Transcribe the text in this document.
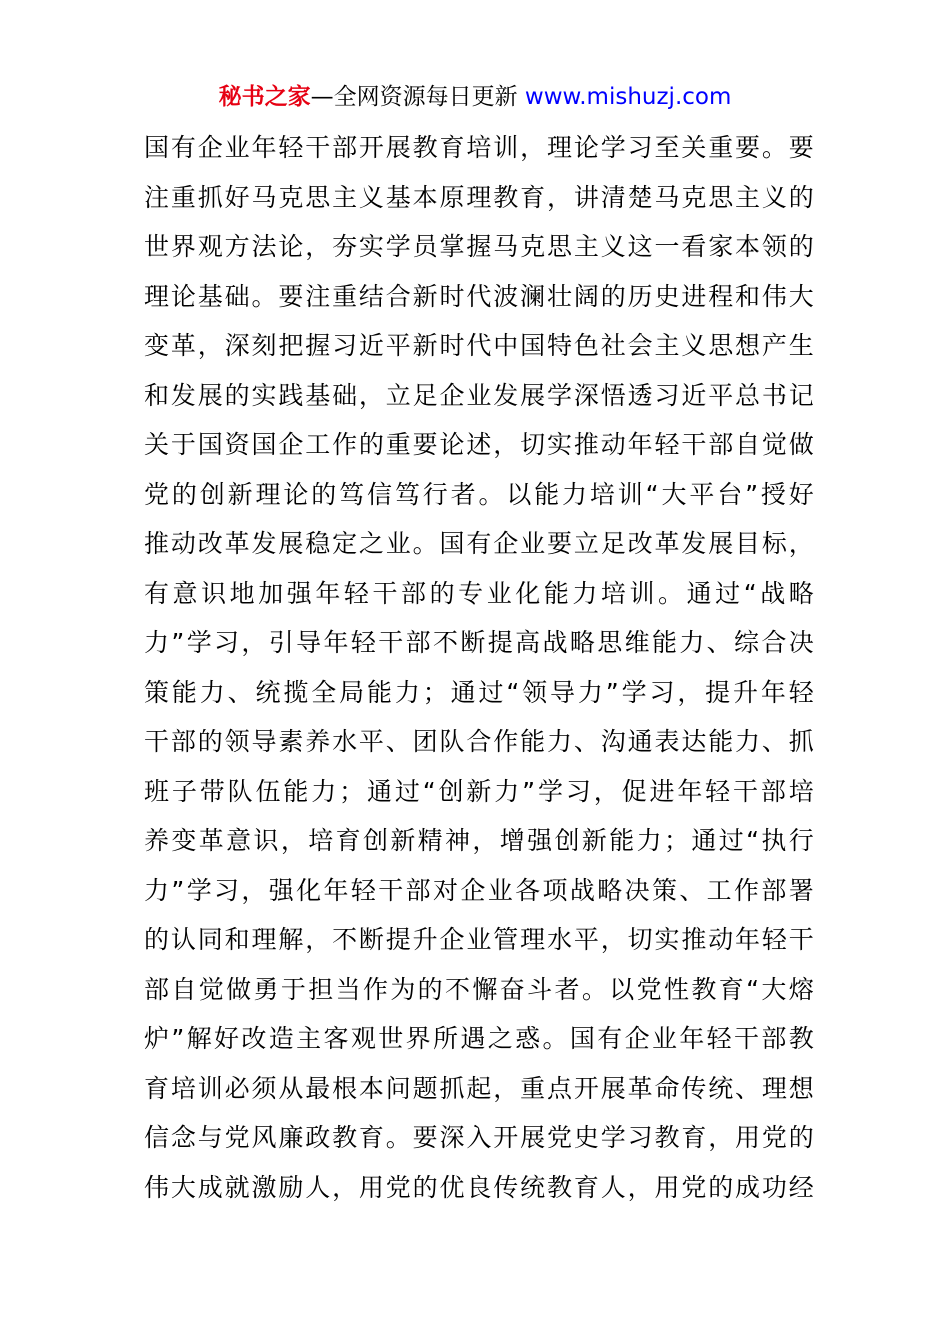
秘书之家—全网资源每日更新 www.mishuzj.com
国有企业年轻干部开展教育培训，理论学习至关重要。要
注重抓好马克思主义基本原理教育，讲清楚马克思主义的
世界观方法论，夯实学员掌握马克思主义这一看家本领的
理论基础。要注重结合新时代波澜壮阔的历史进程和伟大
变革，深刻把握习近平新时代中国特色社会主义思想产生
和发展的实践基础，立足企业发展学深悟透习近平总书记
关于国资国企工作的重要论述，切实推动年轻干部自觉做
党的创新理论的笃信笃行者。以能力培训“大平台”授好
推动改革发展稳定之业。国有企业要立足改革发展目标，
有意识地加强年轻干部的专业化能力培训。通过“战略
力”学习，引导年轻干部不断提高战略思维能力、综合决
策能力、统揽全局能力；通过“领导力”学习，提升年轻
干部的领导素养水平、团队合作能力、沟通表达能力、抓
班子带队伍能力；通过“创新力”学习，促进年轻干部培
养变革意识，培育创新精神，增强创新能力；通过“执行
力”学习，强化年轻干部对企业各项战略决策、工作部署
的认同和理解，不断提升企业管理水平，切实推动年轻干
部自觉做勇于担当作为的不懈奋斗者。以党性教育“大熔
炉”解好改造主客观世界所遇之惑。国有企业年轻干部教
育培训必须从最根本问题抓起，重点开展革命传统、理想
信念与党风廉政教育。要深入开展党史学习教育，用党的
伟大成就激励人，用党的优良传统教育人，用党的成功经
